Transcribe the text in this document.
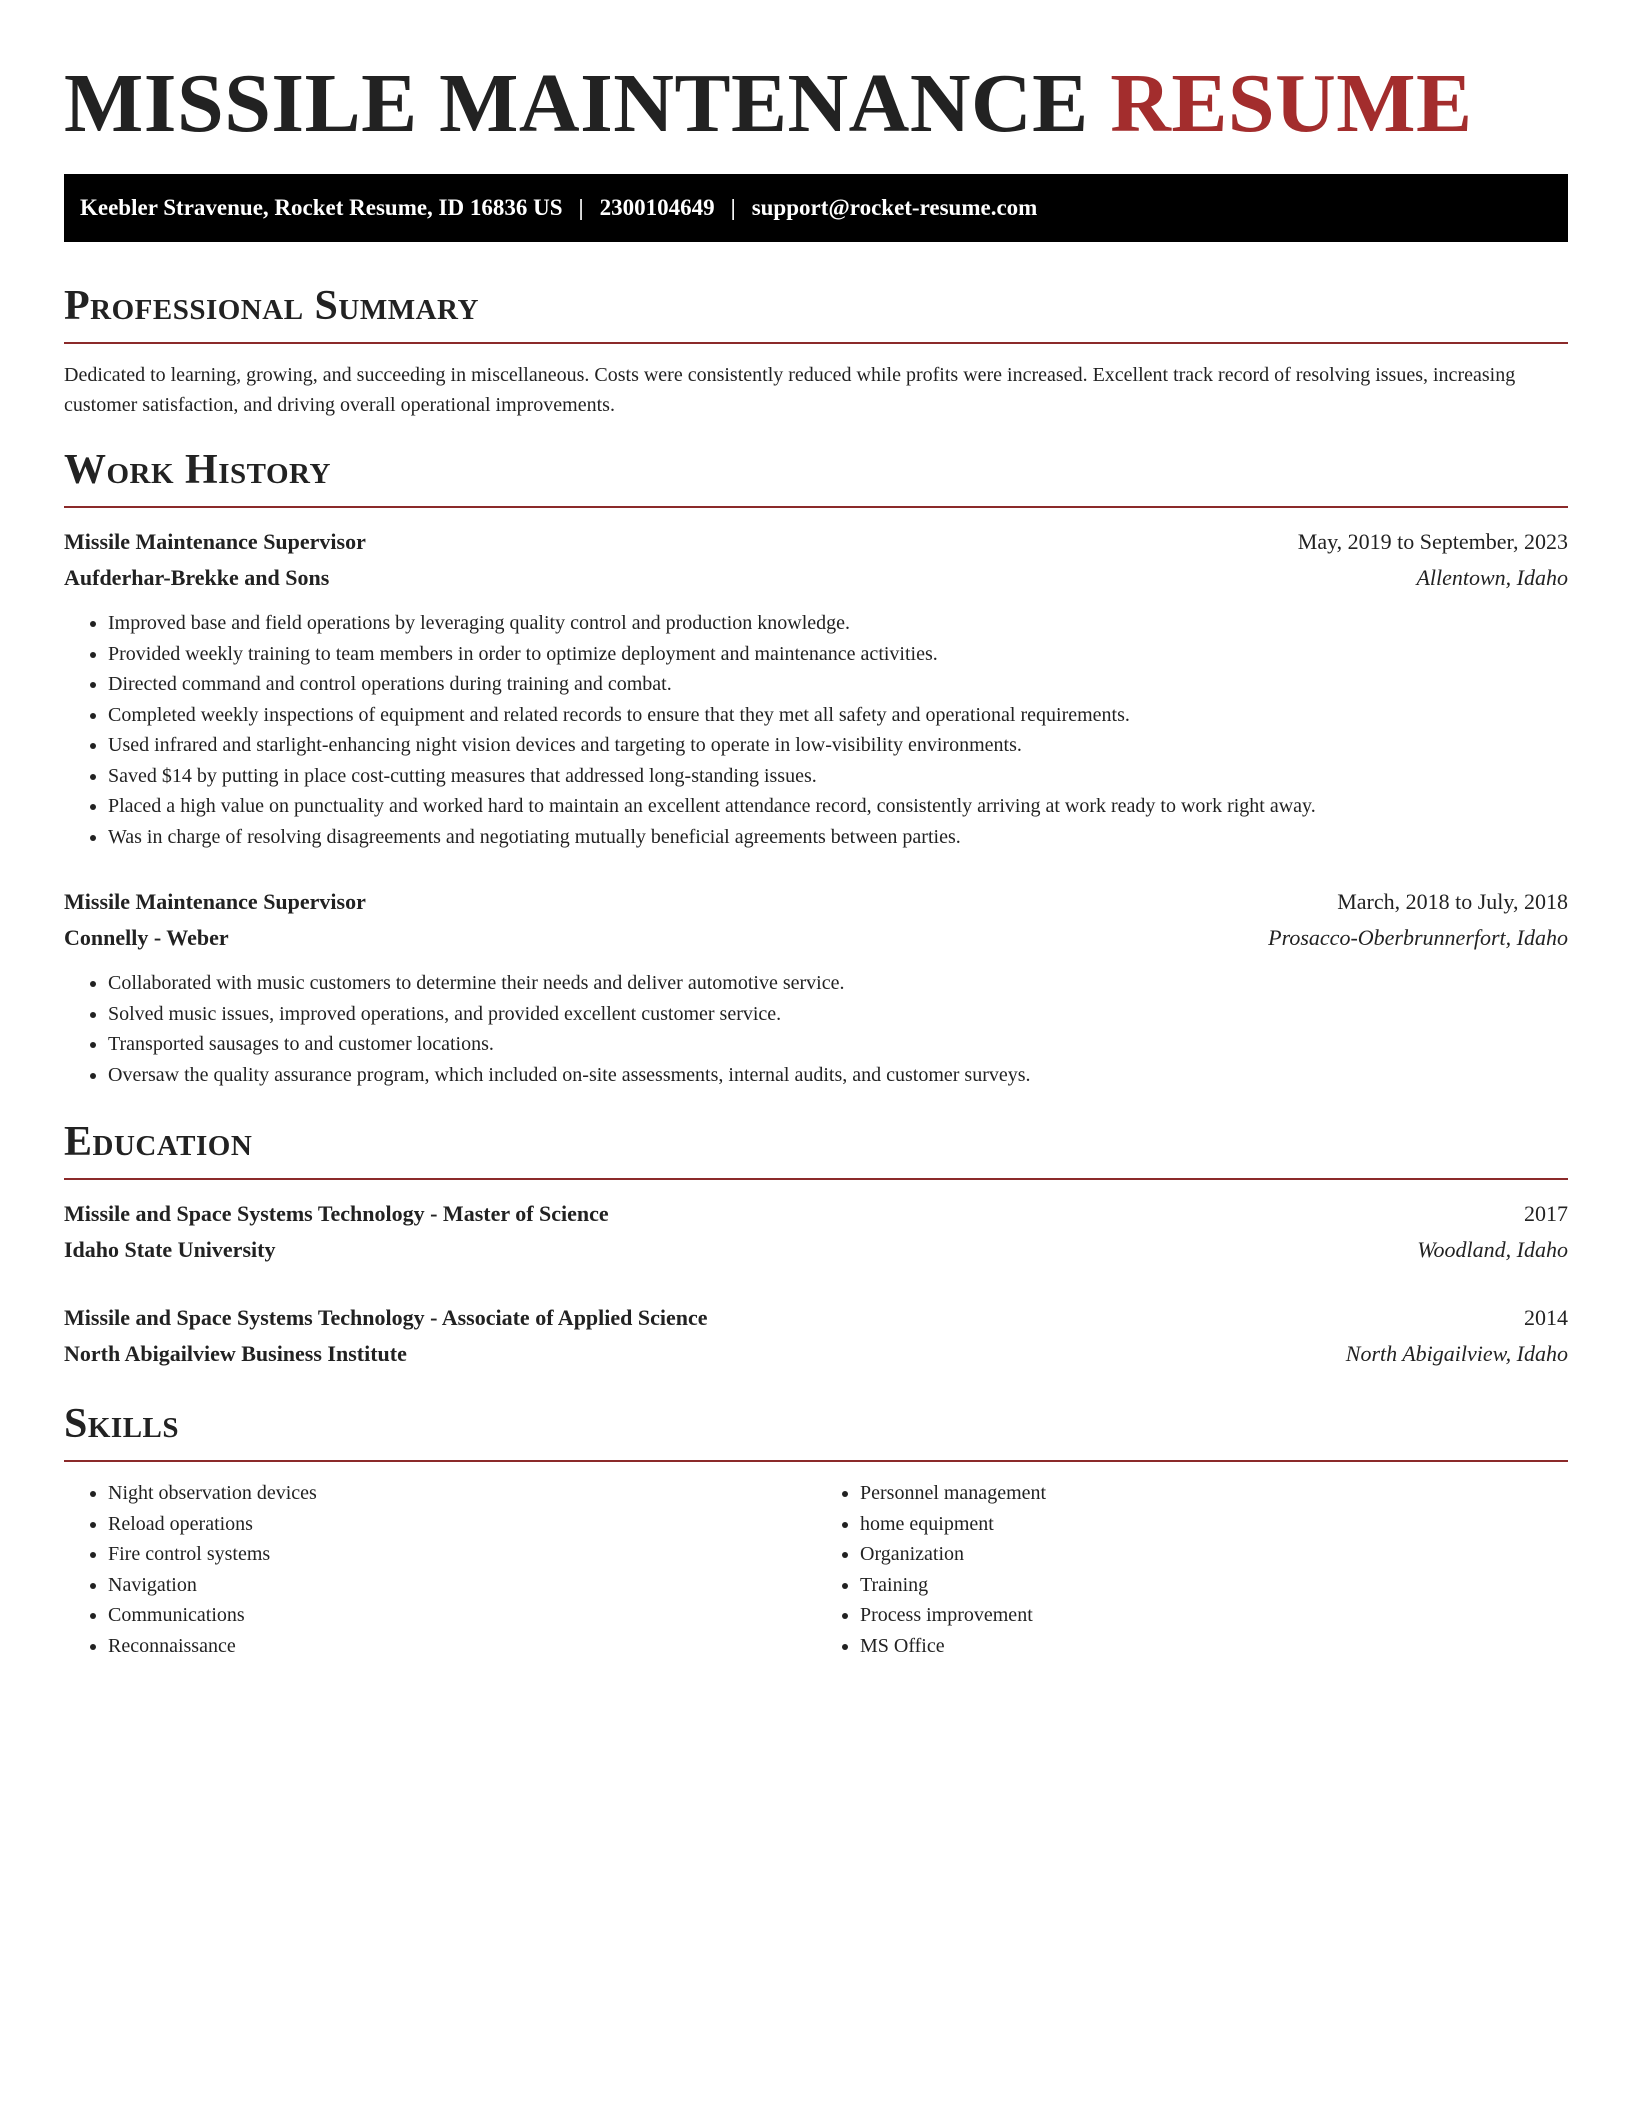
MISSILE MAINTENANCE RESUME
Keebler Stravenue, Rocket Resume, ID 16836 US | 2300104649 | support@rocket-resume.com
Professional Summary

Dedicated to learning, growing, and succeeding in miscellaneous. Costs were consistently reduced while profits were increased. Excellent track record of resolving issues, increasing customer satisfaction, and driving overall operational improvements.

Work History
Missile Maintenance Supervisor	May, 2019 to September, 2023
Aufderhar-Brekke and Sons	Allentown, Idaho
• Improved base and field operations by leveraging quality control and production knowledge.
• Provided weekly training to team members in order to optimize deployment and maintenance activities.
• Directed command and control operations during training and combat.
• Completed weekly inspections of equipment and related records to ensure that they met all safety and operational requirements.
• Used infrared and starlight-enhancing night vision devices and targeting to operate in low-visibility environments.
• Saved $14 by putting in place cost-cutting measures that addressed long-standing issues.
• Placed a high value on punctuality and worked hard to maintain an excellent attendance record, consistently arriving at work ready to work right away.
• Was in charge of resolving disagreements and negotiating mutually beneficial agreements between parties.
Missile Maintenance Supervisor	March, 2018 to July, 2018
Connelly - Weber	Prosacco-Oberbrunnerfort, Idaho
• Collaborated with music customers to determine their needs and deliver automotive service.
• Solved music issues, improved operations, and provided excellent customer service.
• Transported sausages to and customer locations.
• Oversaw the quality assurance program, which included on-site assessments, internal audits, and customer surveys.
Education
Missile and Space Systems Technology - Master of Science	2017
Idaho State University	Woodland, Idaho
Missile and Space Systems Technology - Associate of Applied Science	2014
North Abigailview Business Institute	North Abigailview, Idaho
Skills
• Night observation devices
• Reload operations
• Fire control systems
• Navigation
• Communications
• Reconnaissance
• Personnel management
• home equipment
• Organization
• Training
• Process improvement
• MS Office
